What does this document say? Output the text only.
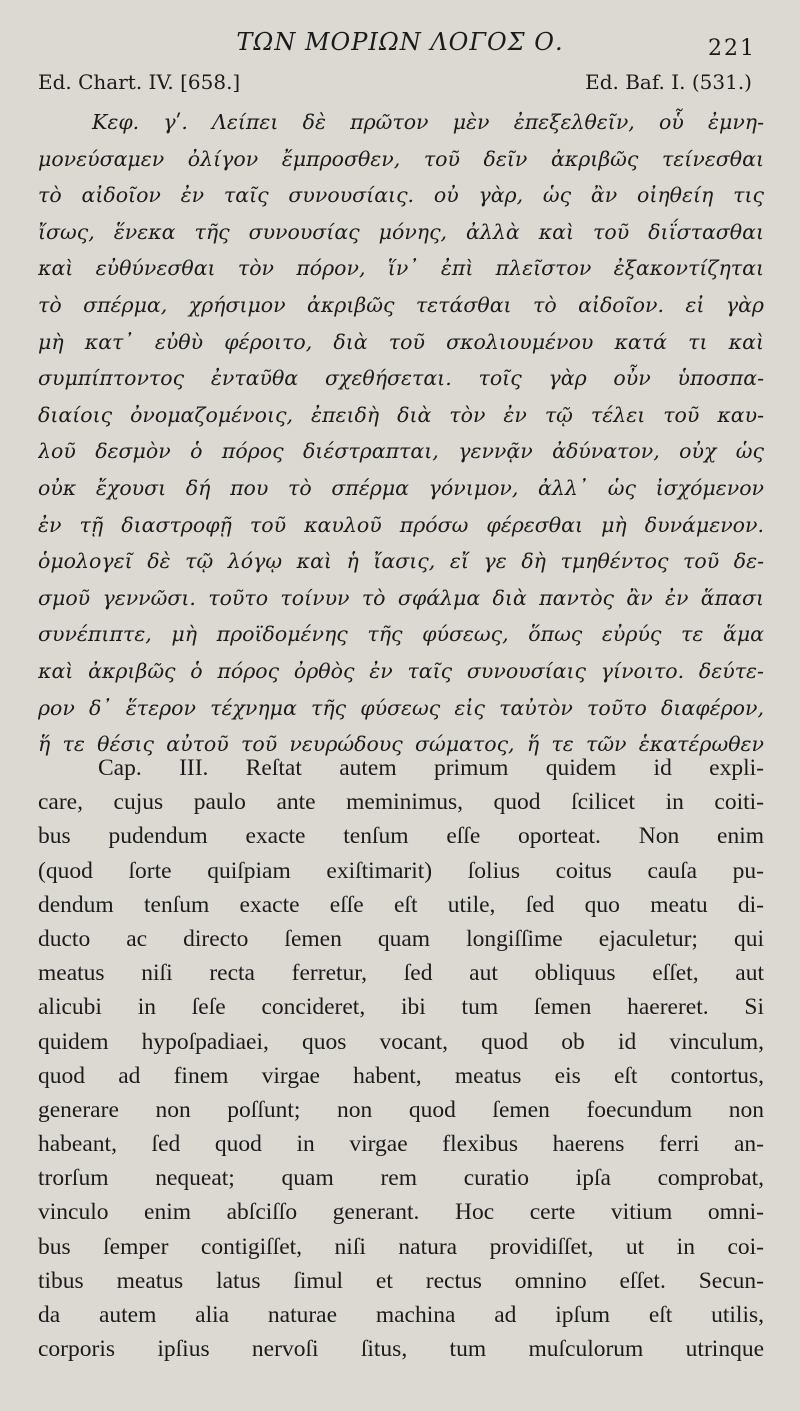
ΤΩΝ ΜΟΡΙΩΝ ΛΟΓΟΣ Ο.	221
Ed. Chart. IV. [658.]	Ed. Baf. I. (531.)
Κεφ. γʹ. Λείπει δὲ πρῶτον μὲν ἐπεξελθεῖν, οὗ ἐμνη-
μονεύσαμεν ὀλίγον ἔμπροσθεν, τοῦ δεῖν ἀκριβῶς τείνεσθαι
τὸ αἰδοῖον ἐν ταῖς συνουσίαις. οὐ γὰρ, ὡς ἂν οἰηθείη τις
ἴσως, ἕνεκα τῆς συνουσίας μόνης, ἀλλὰ καὶ τοῦ διΐστασθαι
καὶ εὐθύνεσθαι τὸν πόρον, ἵν᾽ ἐπὶ πλεῖστον ἐξακοντίζηται
τὸ σπέρμα, χρήσιμον ἀκριβῶς τετάσθαι τὸ αἰδοῖον. εἰ γὰρ
μὴ κατ᾽ εὐθὺ φέροιτο, διὰ τοῦ σκολιουμένου κατά τι καὶ
συμπίπτοντος ἐνταῦθα σχεθήσεται. τοῖς γὰρ οὖν ὑποσπα-
διαίοις ὀνομαζομένοις, ἐπειδὴ διὰ τὸν ἐν τῷ τέλει τοῦ καυ-
λοῦ δεσμὸν ὁ πόρος διέστραπται, γεννᾷν ἀδύνατον, οὐχ ὡς
οὐκ ἔχουσι δή που τὸ σπέρμα γόνιμον, ἀλλ᾽ ὡς ἰσχόμενον
ἐν τῇ διαστροφῇ τοῦ καυλοῦ πρόσω φέρεσθαι μὴ δυνάμενον.
ὁμολογεῖ δὲ τῷ λόγῳ καὶ ἡ ἴασις, εἴ γε δὴ τμηθέντος τοῦ δε-
σμοῦ γεννῶσι. τοῦτο τοίνυν τὸ σφάλμα διὰ παντὸς ἂν ἐν ἅπασι
συνέπιπτε, μὴ προϊδομένης τῆς φύσεως, ὅπως εὐρύς τε ἅμα
καὶ ἀκριβῶς ὁ πόρος ὀρθὸς ἐν ταῖς συνουσίαις γίνοιτο. δεύτε-
ρον δ᾽ ἕτερον τέχνημα τῆς φύσεως εἰς ταὐτὸν τοῦτο διαφέρον,
ἥ τε θέσις αὐτοῦ τοῦ νευρώδους σώματος, ἥ τε τῶν ἑκατέρωθεν
Cap. III. Reſtat autem primum quidem id expli-
care, cujus paulo ante meminimus, quod ſcilicet in coiti-
bus pudendum exacte tenſum eſſe oporteat. Non enim
(quod ſorte quiſpiam exiſtimarit) ſolius coitus cauſa pu-
dendum tenſum exacte eſſe eſt utile, ſed quo meatu di-
ducto ac directo ſemen quam longiſſime ejaculetur; qui
meatus niſi recta ferretur, ſed aut obliquus eſſet, aut
alicubi in ſeſe concideret, ibi tum ſemen haereret. Si
quidem hypoſpadiaei, quos vocant, quod ob id vinculum,
quod ad finem virgae habent, meatus eis eſt contortus,
generare non poſſunt; non quod ſemen foecundum non
habeant, ſed quod in virgae flexibus haerens ferri an-
trorſum nequeat; quam rem curatio ipſa comprobat,
vinculo enim abſciſſo generant. Hoc certe vitium omni-
bus ſemper contigiſſet, niſi natura providiſſet, ut in coi-
tibus meatus latus ſimul et rectus omnino eſſet. Secun-
da autem alia naturae machina ad ipſum eſt utilis,
corporis ipſius nervoſi ſitus, tum muſculorum utrinque
